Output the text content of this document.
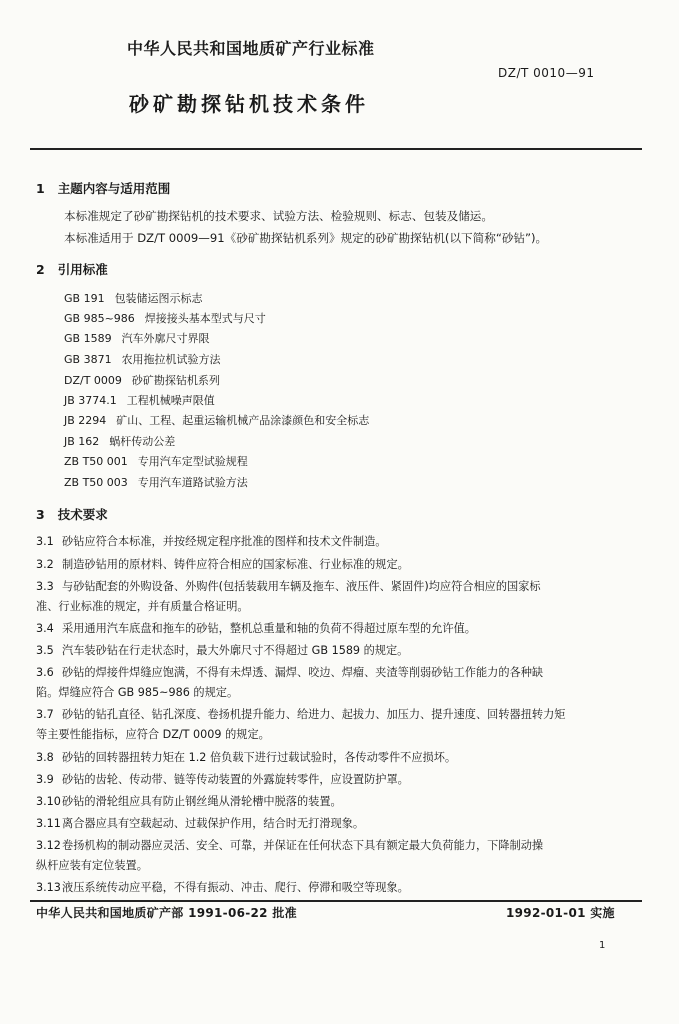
中华人民共和国地质矿产行业标准
DZ/T 0010—91
砂矿勘探钻机技术条件
1 主题内容与适用范围
本标准规定了砂矿勘探钻机的技术要求、试验方法、检验规则、标志、包装及储运。
本标准适用于 DZ/T 0009—91《砂矿勘探钻机系列》规定的砂矿勘探钻机(以下简称“砂钻”)。
2 引用标准
GB 191 包装储运图示标志
GB 985~986 焊接接头基本型式与尺寸
GB 1589 汽车外廓尺寸界限
GB 3871 农用拖拉机试验方法
DZ/T 0009 砂矿勘探钻机系列
JB 3774.1 工程机械噪声限值
JB 2294 矿山、工程、起重运输机械产品涂漆颜色和安全标志
JB 162 蜗杆传动公差
ZB T50 001 专用汽车定型试验规程
ZB T50 003 专用汽车道路试验方法
3 技术要求
3.1 砂钻应符合本标准，并按经规定程序批准的图样和技术文件制造。
3.2 制造砂钻用的原材料、铸件应符合相应的国家标准、行业标准的规定。
3.3 与砂钻配套的外购设备、外购件(包括装载用车辆及拖车、液压件、紧固件)均应符合相应的国家标
准、行业标准的规定，并有质量合格证明。
3.4 采用通用汽车底盘和拖车的砂钻，整机总重量和轴的负荷不得超过原车型的允许值。
3.5 汽车装砂钻在行走状态时，最大外廓尺寸不得超过 GB 1589 的规定。
3.6 砂钻的焊接件焊缝应饱满，不得有未焊透、漏焊、咬边、焊瘤、夹渣等削弱砂钻工作能力的各种缺
陷。焊缝应符合 GB 985~986 的规定。
3.7 砂钻的钻孔直径、钻孔深度、卷扬机提升能力、给进力、起拔力、加压力、提升速度、回转器扭转力矩
等主要性能指标，应符合 DZ/T 0009 的规定。
3.8 砂钻的回转器扭转力矩在 1.2 倍负载下进行过载试验时，各传动零件不应损坏。
3.9 砂钻的齿轮、传动带、链等传动装置的外露旋转零件，应设置防护罩。
3.10砂钻的滑轮组应具有防止钢丝绳从滑轮槽中脱落的装置。
3.11离合器应具有空载起动、过载保护作用，结合时无打滑现象。
3.12卷扬机构的制动器应灵活、安全、可靠，并保证在任何状态下具有额定最大负荷能力，下降制动操
纵杆应装有定位装置。
3.13液压系统传动应平稳，不得有振动、冲击、爬行、停滞和吸空等现象。
中华人民共和国地质矿产部 1991-06-22 批准	1992-01-01 实施
1
